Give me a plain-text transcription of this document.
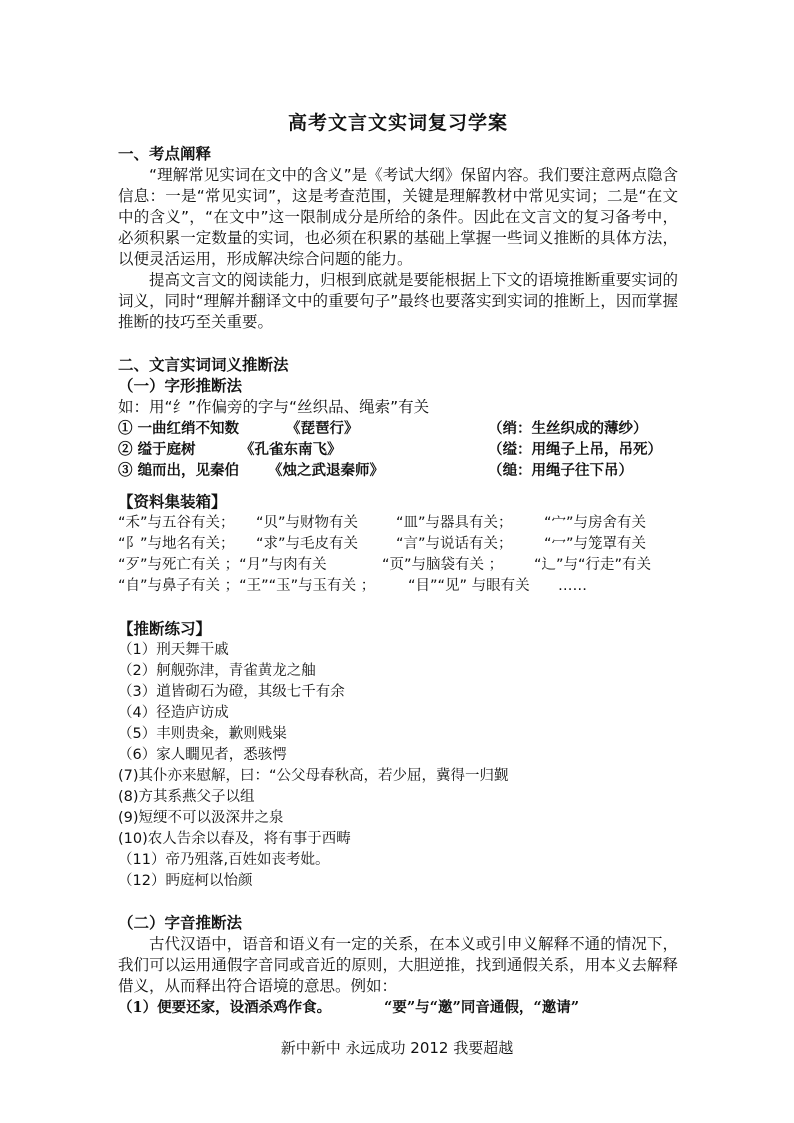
高考文言文实词复习学案
一、考点阐释

“理解常见实词在文中的含义”是《考试大纲》保留内容。我们要注意两点隐含信息：一是“常见实词”，这是考查范围，关键是理解教材中常见实词；二是“在文中的含义”，“在文中”这一限制成分是所给的条件。因此在文言文的复习备考中，必须积累一定数量的实词，也必须在积累的基础上掌握一些词义推断的具体方法，以便灵活运用，形成解决综合问题的能力。

提高文言文的阅读能力，归根到底就是要能根据上下文的语境推断重要实词的词义，同时“理解并翻译文中的重要句子”最终也要落实到实词的推断上，因而掌握推断的技巧至关重要。

二、文言实词词义推断法
（一）字形推断法
如：用“纟”作偏旁的字与“丝织品、绳索”有关
① 一曲红绡不知数	《琵琶行》	（绡：生丝织成的薄纱）
② 缢于庭树	《孔雀东南飞》	（缢：用绳子上吊，吊死）
③ 缒而出，见秦伯 《烛之武退秦师》	（缒：用绳子往下吊）
【资料集装箱】
“禾”与五谷有关； “贝”与财物有关	“皿”与器具有关； “宀”与房舍有关
“阝”与地名有关； “求”与毛皮有关	“言”与说话有关； “冖”与笼罩有关
“歹”与死亡有关 ；“月”与肉有关	“页”与脑袋有关 ； “辶”与“行走”有关
“自”与鼻子有关 ；“王”“玉”与玉有关 ； “目”“见” 与眼有关 ……
【推断练习】
（1）刑天舞干戚
（2）舸舰弥津，青雀黄龙之舳
（3）道皆砌石为磴，其级七千有余
（4）径造庐访成
（5）丰则贵籴，歉则贱粜
（6）家人瞯见者，悉骇愕
(7)其仆亦来慰解，曰：“公父母春秋高，若少屈，冀得一归觐
(8)方其系燕父子以组
(9)短绠不可以汲深井之泉
(10)农人告余以春及，将有事于西畴
（11）帝乃殂落,百姓如丧考妣。
（12）眄庭柯以怡颜
（二）字音推断法

古代汉语中，语音和语义有一定的关系，在本义或引申义解释不通的情况下，我们可以运用通假字音同或音近的原则，大胆逆推，找到通假关系，用本义去解释借义，从而释出符合语境的意思。例如：

（1）便要还家，设酒杀鸡作食。	“要”与“邀”同音通假，“邀请”
新中新中 永远成功 2012 我要超越
